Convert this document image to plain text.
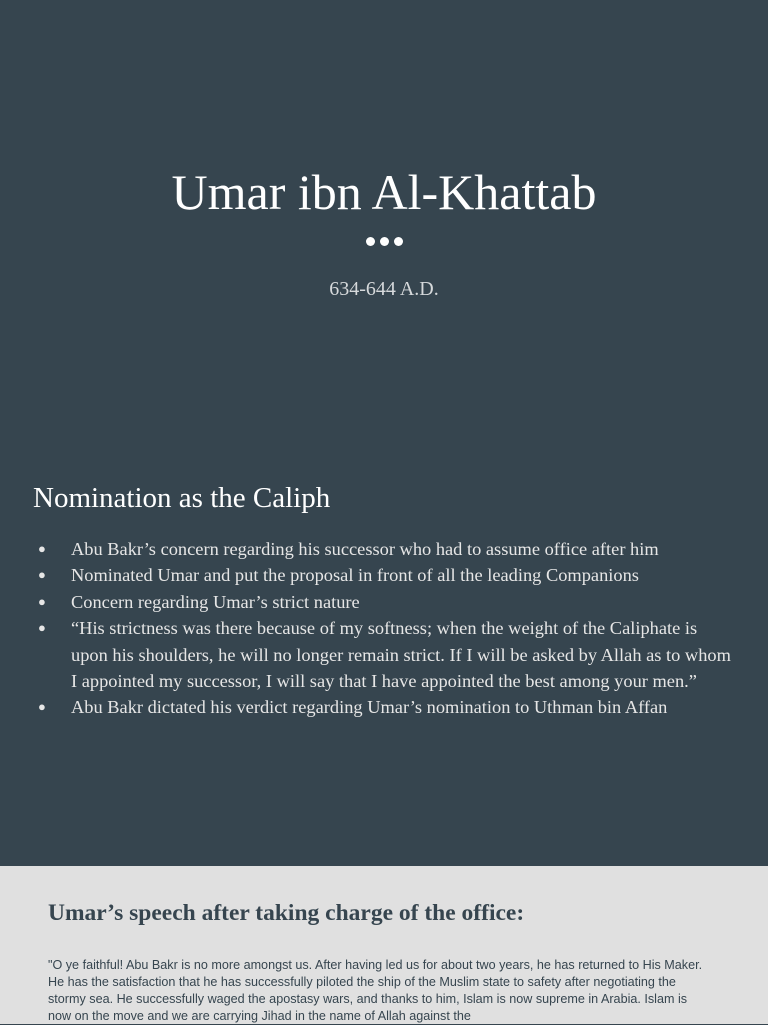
Umar ibn Al-Khattab
634-644 A.D.
Nomination as the Caliph
● Abu Bakr’s concern regarding his successor who had to assume office after him
● Nominated Umar and put the proposal in front of all the leading Companions
● Concern regarding Umar’s strict nature
● “His strictness was there because of my softness; when the weight of the Caliphate is upon his shoulders, he will no longer remain strict. If I will be asked by Allah as to whom I appointed my successor, I will say that I have appointed the best among your men.”
● Abu Bakr dictated his verdict regarding Umar’s nomination to Uthman bin Affan
Umar’s speech after taking charge of the office:

"O ye faithful! Abu Bakr is no more amongst us. After having led us for about two years, he has returned to His Maker. He has the satisfaction that he has successfully piloted the ship of the Muslim state to safety after negotiating the stormy sea. He successfully waged the apostasy wars, and thanks to him, Islam is now supreme in Arabia. Islam is now on the move and we are carrying Jihad in the name of Allah against the
